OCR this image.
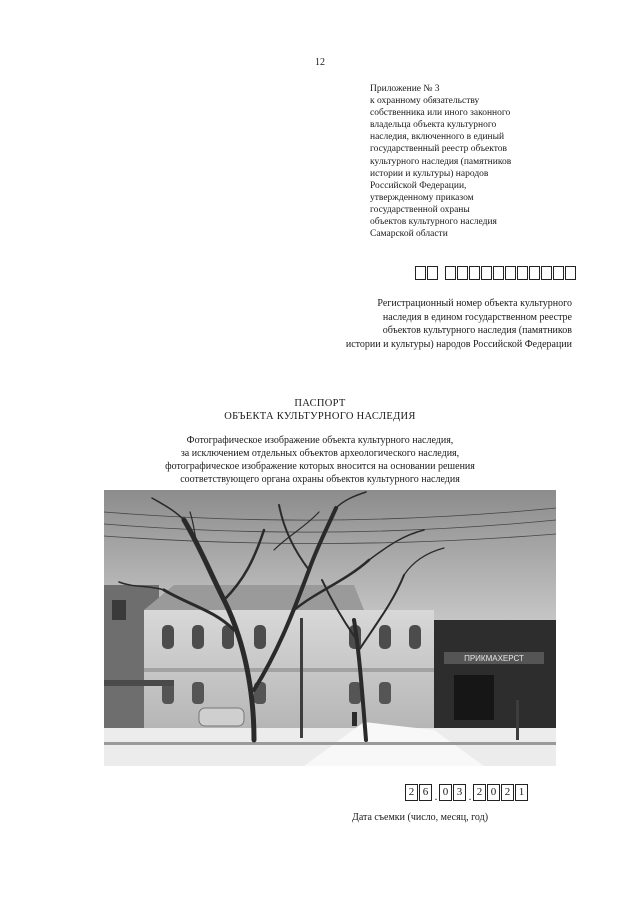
12
Приложение № 3
к охранному обязательству
собственника или иного законного
владельца объекта культурного
наследия, включенного в единый
государственный реестр объектов
культурного наследия (памятников
истории и культуры) народов
Российской Федерации,
утвержденному приказом
государственной охраны
объектов культурного наследия
Самарской области
Регистрационный номер объекта культурного
наследия в едином государственном реестре
объектов культурного наследия (памятников
истории и культуры) народов Российской Федерации
ПАСПОРТ
ОБЪЕКТА КУЛЬТУРНОГО НАСЛЕДИЯ
Фотографическое изображение объекта культурного наследия,
за исключением отдельных объектов археологического наследия,
фотографическое изображение которых вносится на основании решения
соответствующего органа охраны объектов культурного наследия
ПРИКМАХЕРСТ
2 6 . 0 3 . 2 0 2 1
Дата съемки (число, месяц, год)
